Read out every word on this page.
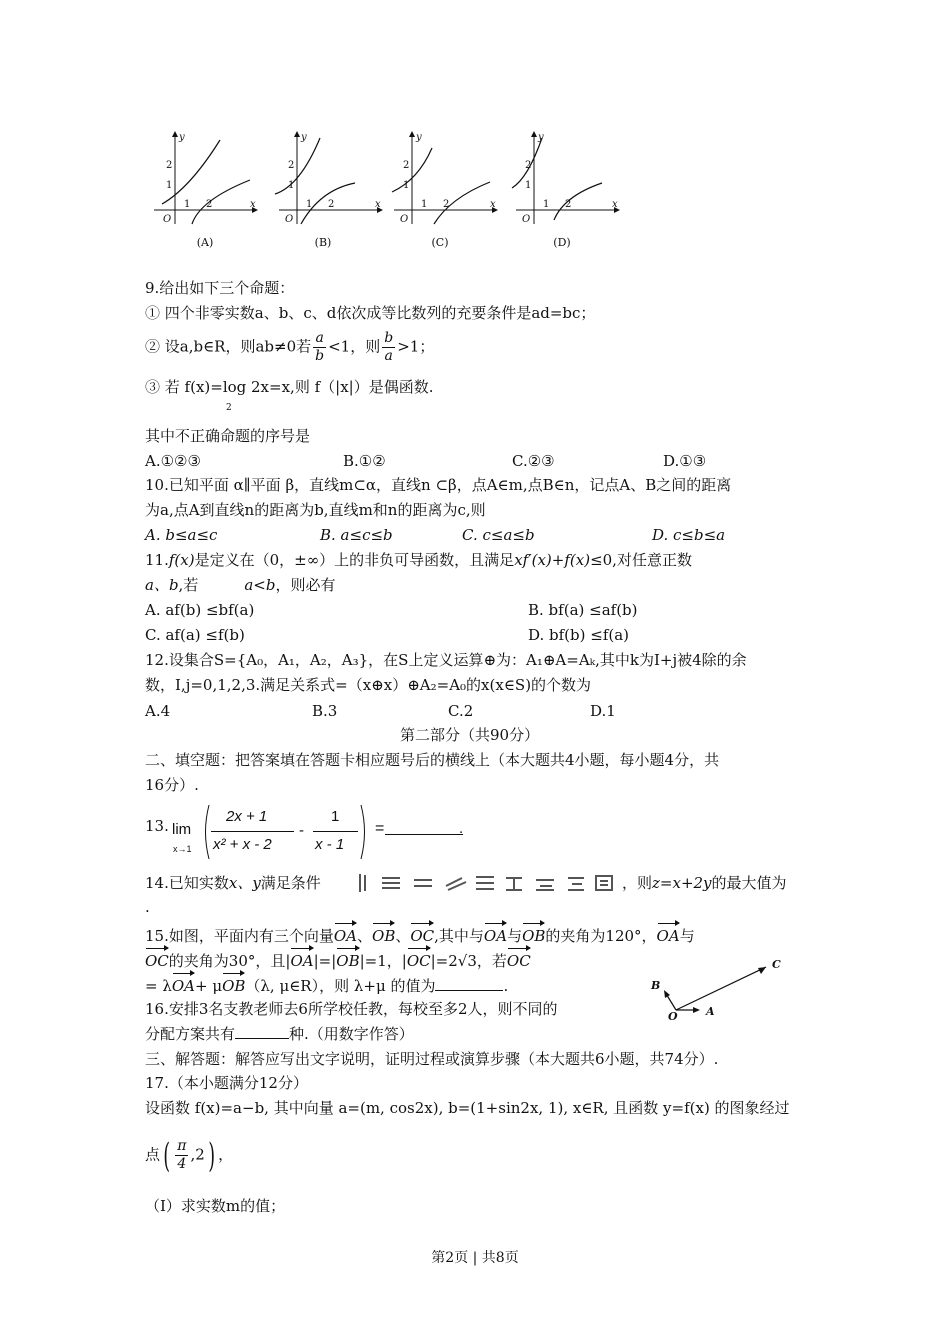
y
x
O
1 2
1
2
y
x
O
1 2
1
2
y
x
O
1 2
1
2
y
x
O
1 2
1
2
(A)	(B)	(C)	(D)
9.给出如下三个命题：
① 四个非零实数a、b、c、d依次成等比数列的充要条件是ad=bc；
② 设a,b∈R，则ab≠0若 $\frac{a}{b} <1$，则 $\frac{b}{a} >1$；
③ 若 f(x)=log 2x=x,则 f（|x|）是偶函数.
2
其中不正确命题的序号是
A.①②③	B.①②	C.②③	D.①③
10.已知平面 α∥平面 β，直线m⊂α，直线n ⊂β，点A∈m,点B∈n，记点A、B之间的距离
为a,点A到直线n的距离为b,直线m和n的距离为c,则
A. b≤a≤c	B. a≤c≤b	C. c≤a≤b	D. c≤b≤a
11.f(x)是定义在（0，±∞）上的非负可导函数，且满足xf′(x)+f(x)≤0,对任意正数
a、b,若	a<b，则必有
A. af(b) ≤bf(a)	B. bf(a) ≤af(b)
C. af(a) ≤f(b)	D. bf(b) ≤f(a)
12.设集合S={A₀，A₁，A₂，A₃}，在S上定义运算⊕为：A₁⊕A=Aₖ,其中k为I+j被4除的余
数，I,j=0,1,2,3.满足关系式=（x⊕x）⊕A₂=A₀的x(x∈S)的个数为
A.4	B.3	C.2	D.1
第二部分（共90分）
二、填空题：把答案填在答题卡相应题号后的横线上（本大题共4小题，每小题4分，共
16分）.
13. lim
x→1
2x + 1
x² + x - 2
-
1
x - 1
=	.
14.已知实数x、y满足条件	，则z=x+2y的最大值为
.
15.如图，平面内有三个向量OA、OB、OC,其中与OA与OB的夹角为120°，OA与
OC的夹角为30°，且|OA|=|OB|=1，|OC|=2√3，若OC
= λOA+ μOB（λ, μ∈R），则 λ+μ 的值为	.	B
O	A
C
16.安排3名支教老师去6所学校任教，每校至多2人，则不同的
分配方案共有	种.（用数字作答）
三、解答题：解答应写出文字说明，证明过程或演算步骤（本大题共6小题，共74分）.
17.（本小题满分12分）
设函数 f(x)=a−b, 其中向量 a=(m, cos2x), b=(1+sin2x, 1), x∈R, 且函数 y=f(x) 的图象经过
点( $\frac{\pi}{4} ,2$) ，
（Ⅰ）求实数m的值；
第2页 | 共8页
